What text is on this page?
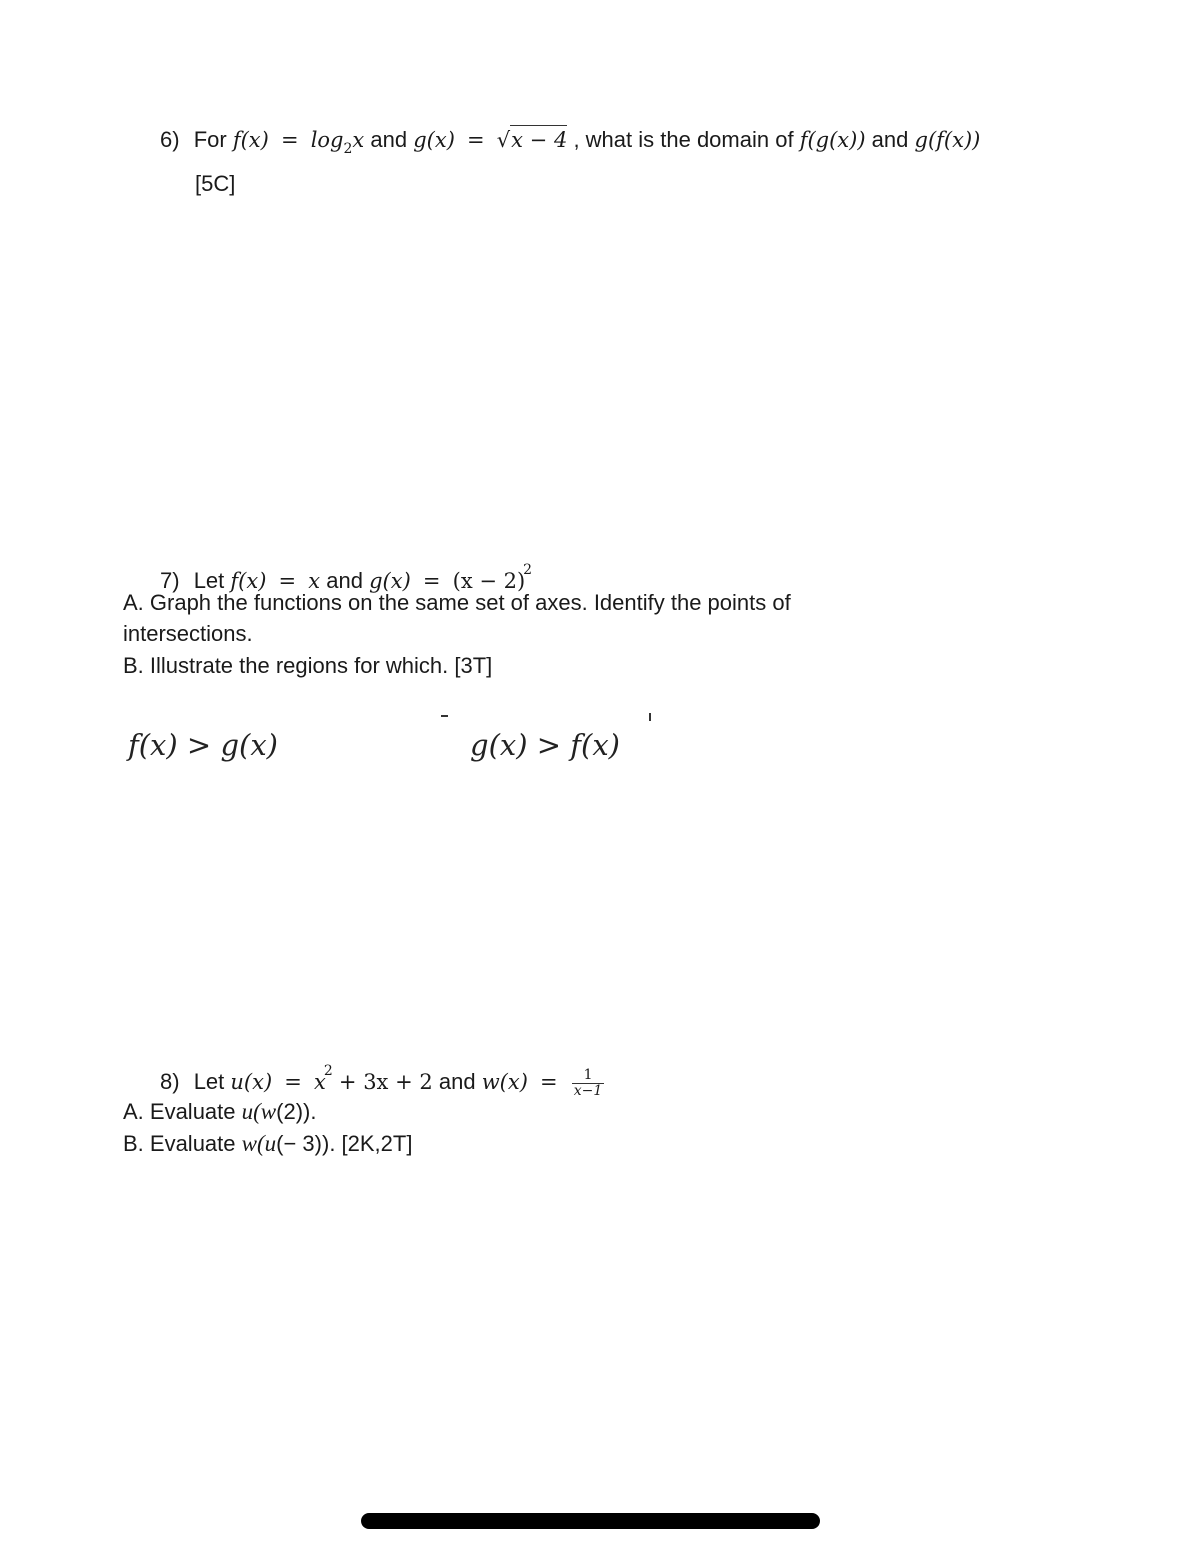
6) For $f(x) = \log_2x$ and g(x) = √x − 4 , what is the domain of f(g(x)) and g(f(x))
[5C]
7) Let f(x) = x and $g(x) = (x - 2)^2$
A. Graph the functions on the same set of axes. Identify the points of
intersections.
B. Illustrate the regions for which. [3T]
f(x) > g(x)	g(x) > f(x)
8) Let $u(x) = x^2 + 3x + 2$ and $w(x) = \frac{1}{x-1}$
A. Evaluate u(w(2)).
B. Evaluate w(u(− 3)). [2K,2T]
